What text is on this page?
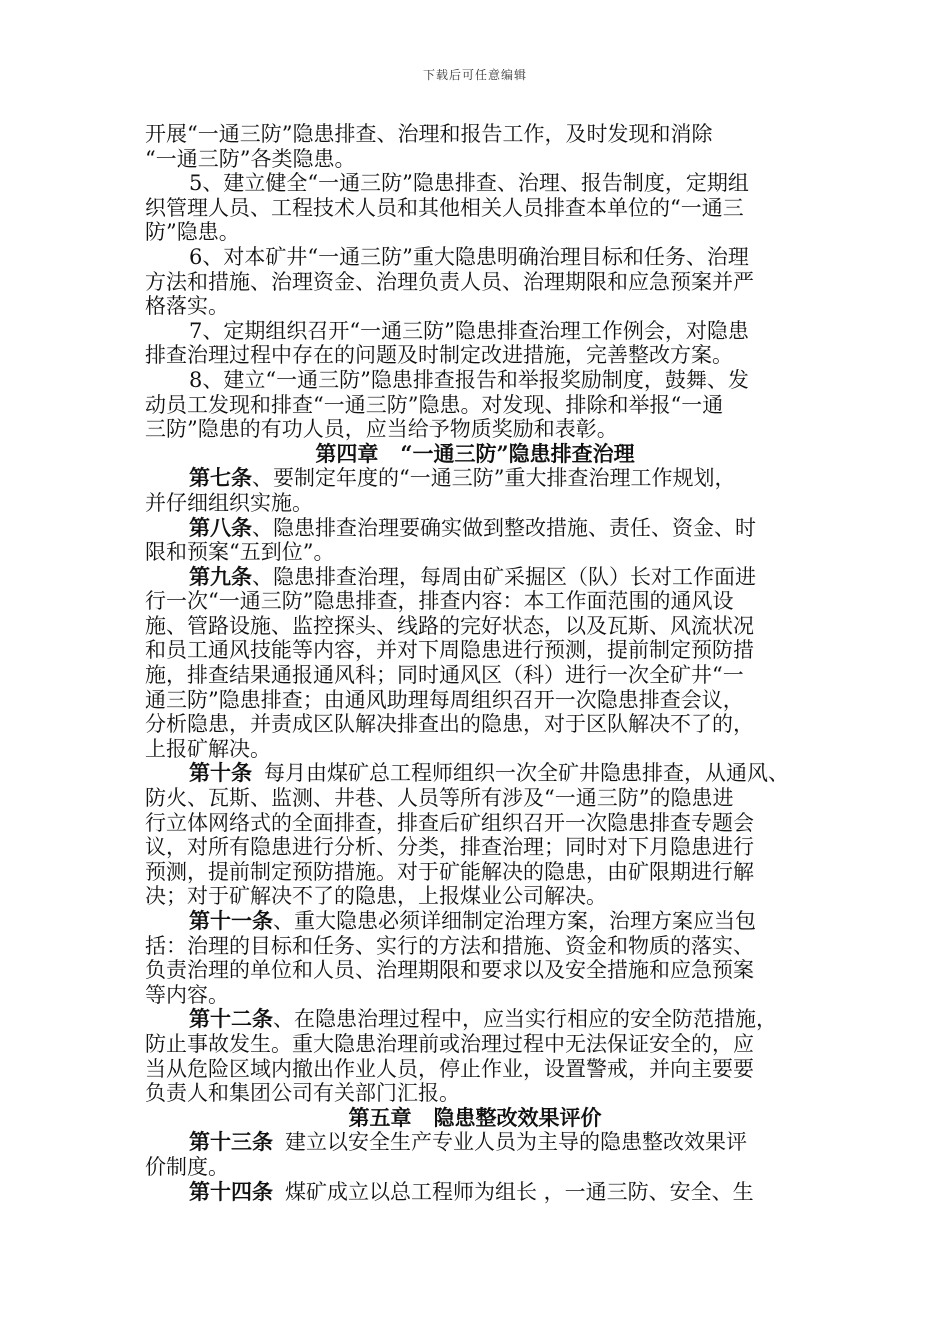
下载后可任意编辑
开展“一通三防”隐患排查、治理和报告工作，及时发现和消除
“一通三防”各类隐患。
5、建立健全“一通三防”隐患排查、治理、报告制度，定期组
织管理人员、工程技术人员和其他相关人员排查本单位的“一通三
防”隐患。
6、对本矿井“一通三防”重大隐患明确治理目标和任务、治理
方法和措施、治理资金、治理负责人员、治理期限和应急预案并严
格落实。
7、定期组织召开“一通三防”隐患排查治理工作例会，对隐患
排查治理过程中存在的问题及时制定改进措施，完善整改方案。
8、建立“一通三防”隐患排查报告和举报奖励制度，鼓舞、发
动员工发现和排查“一通三防”隐患。对发现、排除和举报“一通
三防”隐患的有功人员，应当给予物质奖励和表彰。
第四章 “一通三防”隐患排查治理
第七条、要制定年度的“一通三防”重大排查治理工作规划，
并仔细组织实施。
第八条、隐患排查治理要确实做到整改措施、责任、资金、时
限和预案“五到位”。
第九条、隐患排查治理，每周由矿采掘区（队）长对工作面进
行一次“一通三防”隐患排查，排查内容：本工作面范围的通风设
施、管路设施、监控探头、线路的完好状态，以及瓦斯、风流状况
和员工通风技能等内容，并对下周隐患进行预测，提前制定预防措
施，排查结果通报通风科；同时通风区（科）进行一次全矿井“一
通三防”隐患排查；由通风助理每周组织召开一次隐患排查会议，
分析隐患，并责成区队解决排查出的隐患，对于区队解决不了的，
上报矿解决。
第十条 每月由煤矿总工程师组织一次全矿井隐患排查，从通风、
防火、瓦斯、监测、井巷、人员等所有涉及“一通三防”的隐患进
行立体网络式的全面排查，排查后矿组织召开一次隐患排查专题会
议，对所有隐患进行分析、分类，排查治理；同时对下月隐患进行
预测，提前制定预防措施。对于矿能解决的隐患，由矿限期进行解
决；对于矿解决不了的隐患，上报煤业公司解决。
第十一条、重大隐患必须详细制定治理方案，治理方案应当包
括：治理的目标和任务、实行的方法和措施、资金和物质的落实、
负责治理的单位和人员、治理期限和要求以及安全措施和应急预案
等内容。
第十二条、在隐患治理过程中，应当实行相应的安全防范措施，
防止事故发生。重大隐患治理前或治理过程中无法保证安全的，应
当从危险区域内撤出作业人员，停止作业，设置警戒，并向主要要
负责人和集团公司有关部门汇报。
第五章 隐患整改效果评价
第十三条 建立以安全生产专业人员为主导的隐患整改效果评
价制度。
第十四条 煤矿成立以总工程师为组长 ，一通三防、安全、生
